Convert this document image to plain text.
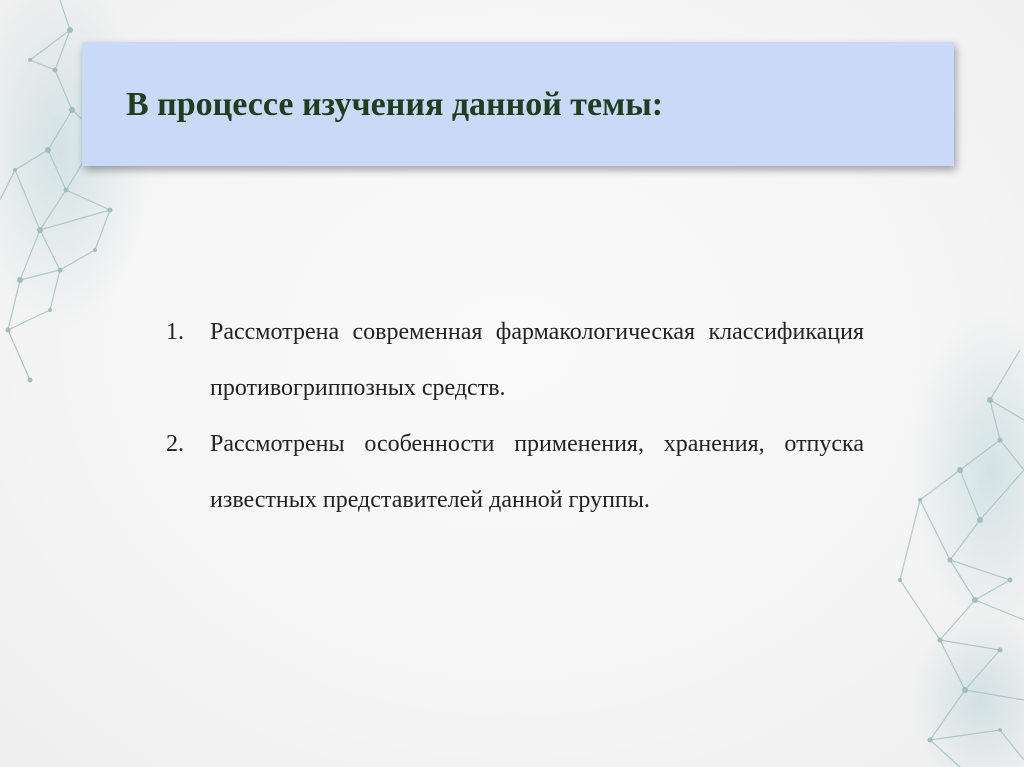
В процессе изучения данной темы:
1. Рассмотрена современная фармакологическая классификация противогриппозных средств.
2. Рассмотрены особенности применения, хранения, отпуска известных представителей данной группы.
